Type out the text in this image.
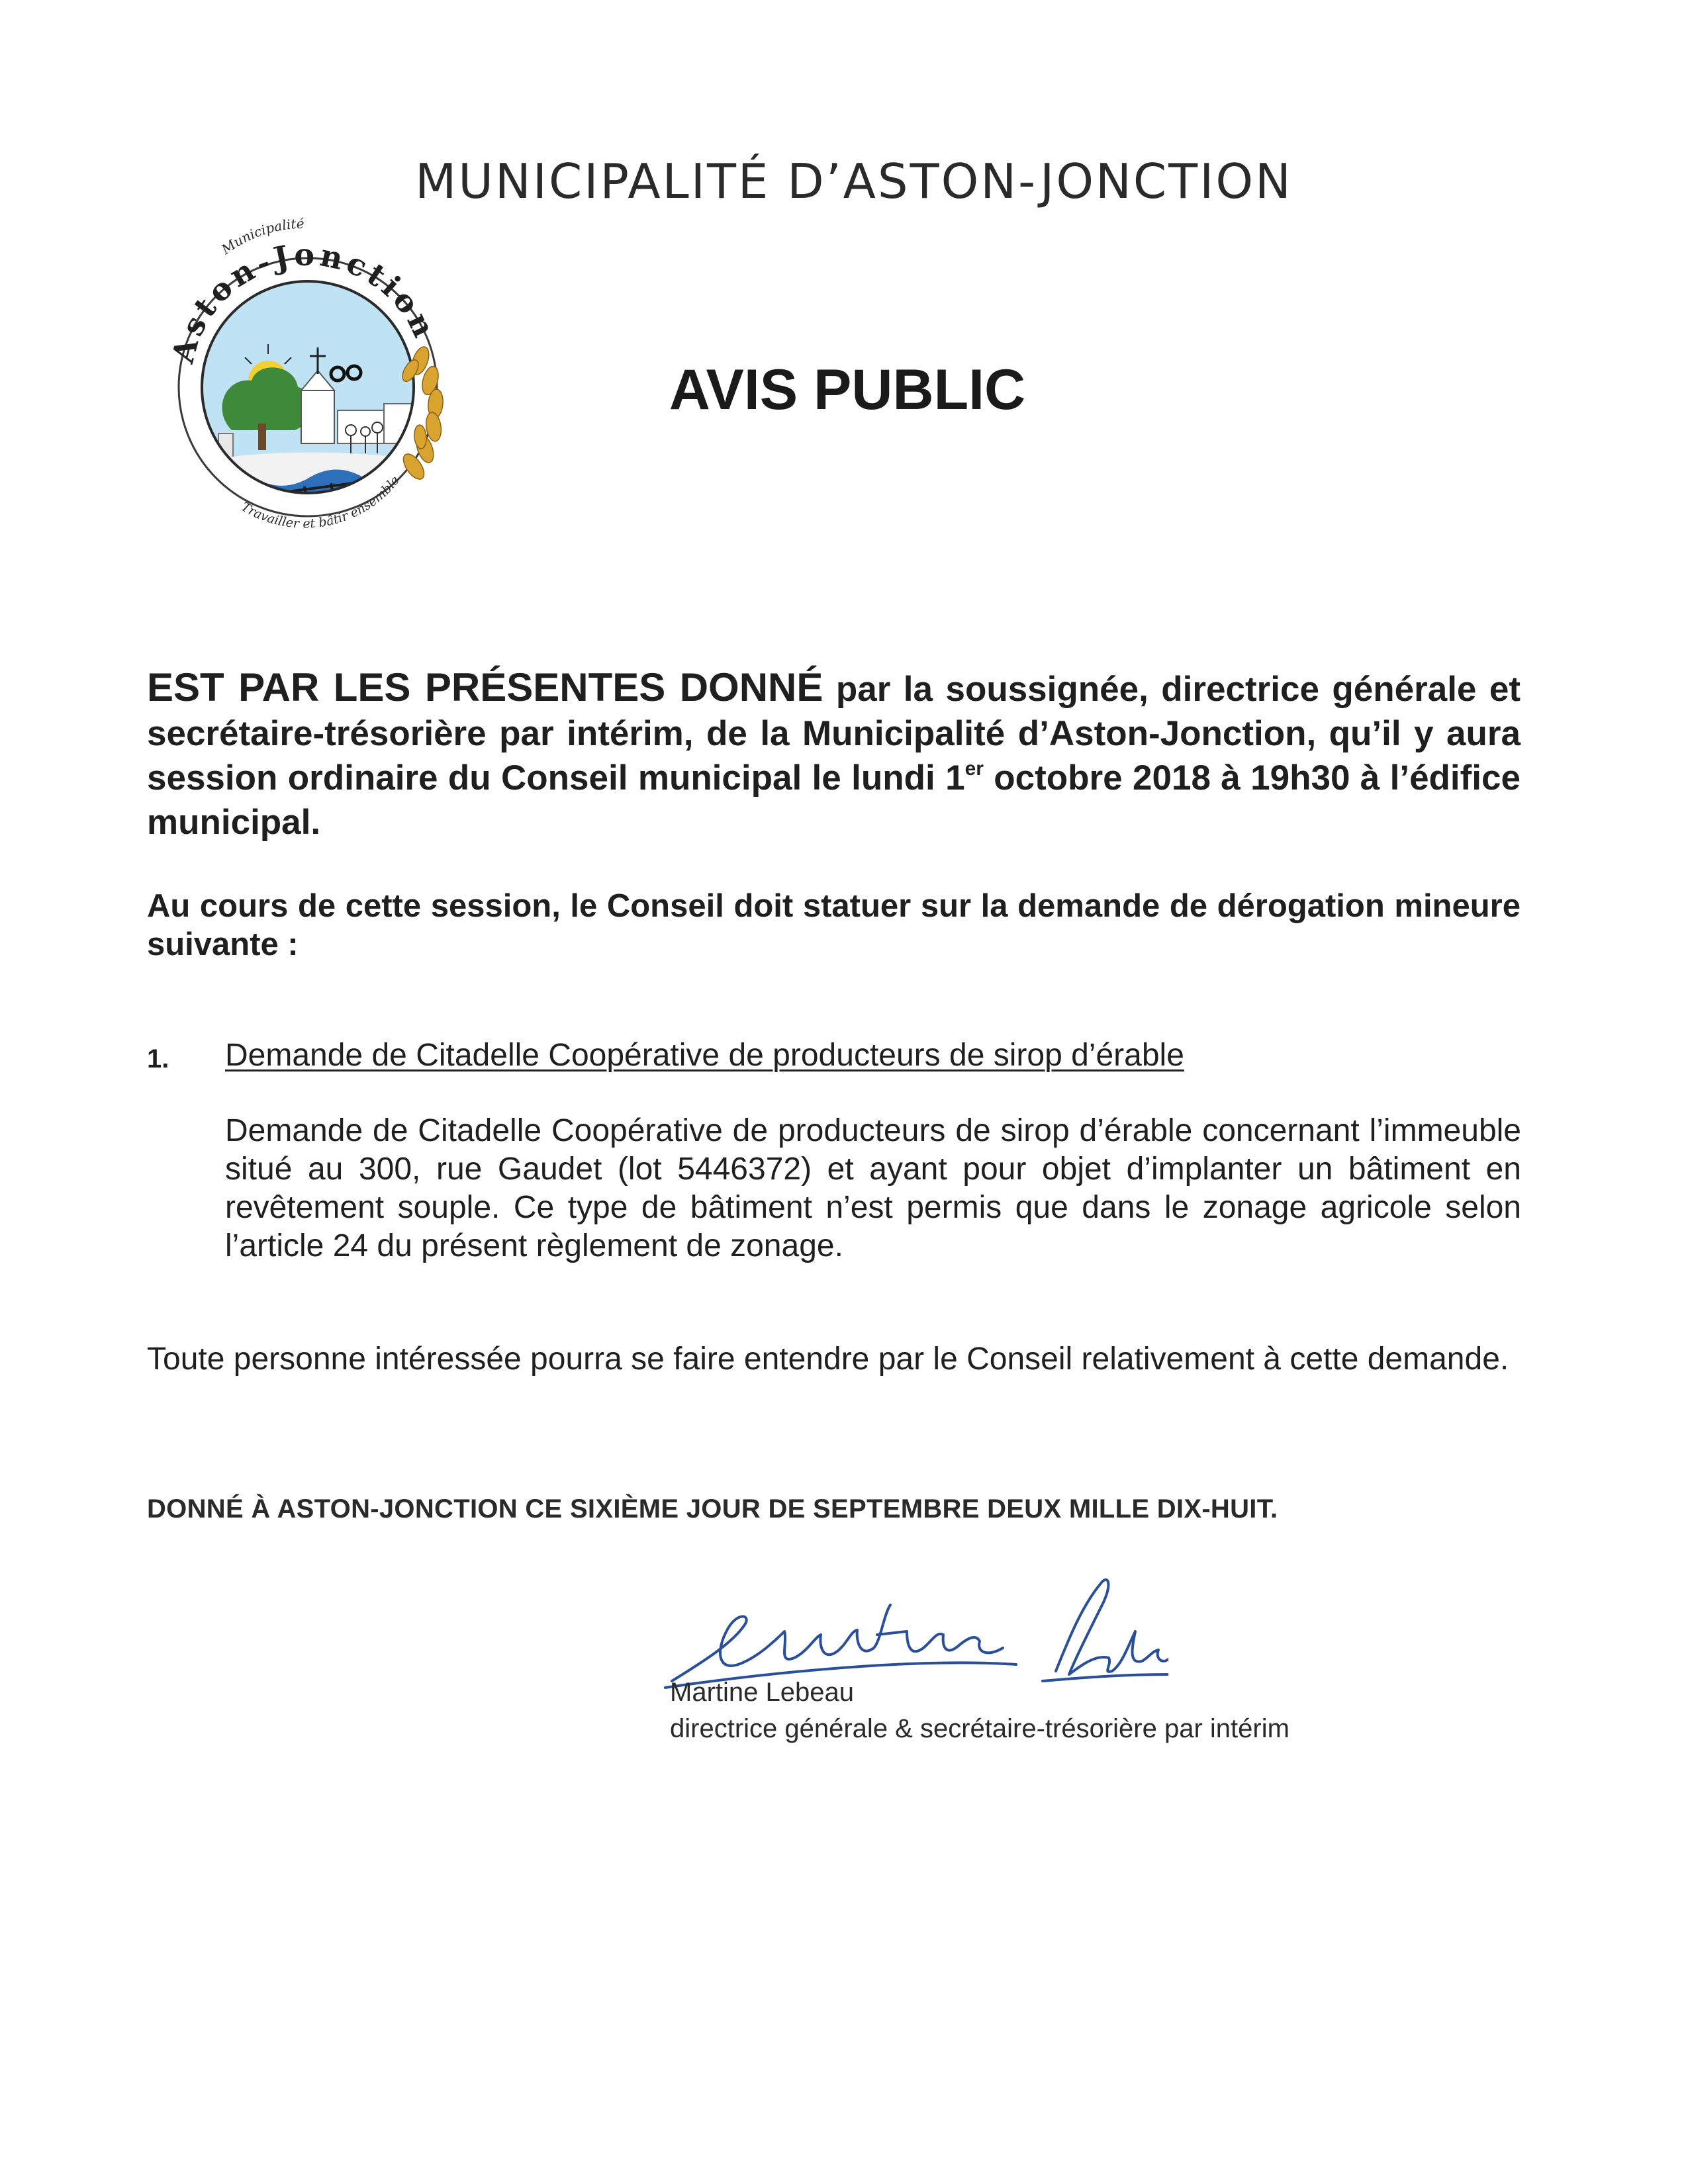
MUNICIPALITÉ D’ASTON-JONCTION
Municipalité
Aston-Jonction
Travailler et bâtir ensemble
AVIS PUBLIC
EST PAR LES PRÉSENTES DONNÉ par la soussignée, directrice générale et secrétaire-trésorière par intérim, de la Municipalité d’Aston-Jonction, qu’il y aura session ordinaire du Conseil municipal le lundi 1er octobre 2018 à 19h30 à l’édifice municipal.
Au cours de cette session, le Conseil doit statuer sur la demande de dérogation mineure suivante :
1. Demande de Citadelle Coopérative de producteurs de sirop d’érable
Demande de Citadelle Coopérative de producteurs de sirop d’érable concernant l’immeuble situé au 300, rue Gaudet (lot 5446372) et ayant pour objet d’implanter un bâtiment en revêtement souple. Ce type de bâtiment n’est permis que dans le zonage agricole selon l’article 24 du présent règlement de zonage.
Toute personne intéressée pourra se faire entendre par le Conseil relativement à cette demande.
DONNÉ À ASTON-JONCTION CE SIXIÈME JOUR DE SEPTEMBRE DEUX MILLE DIX-HUIT.
Martine Lebeau Martine Lebeau
directrice générale & secrétaire-trésorière par intérim
